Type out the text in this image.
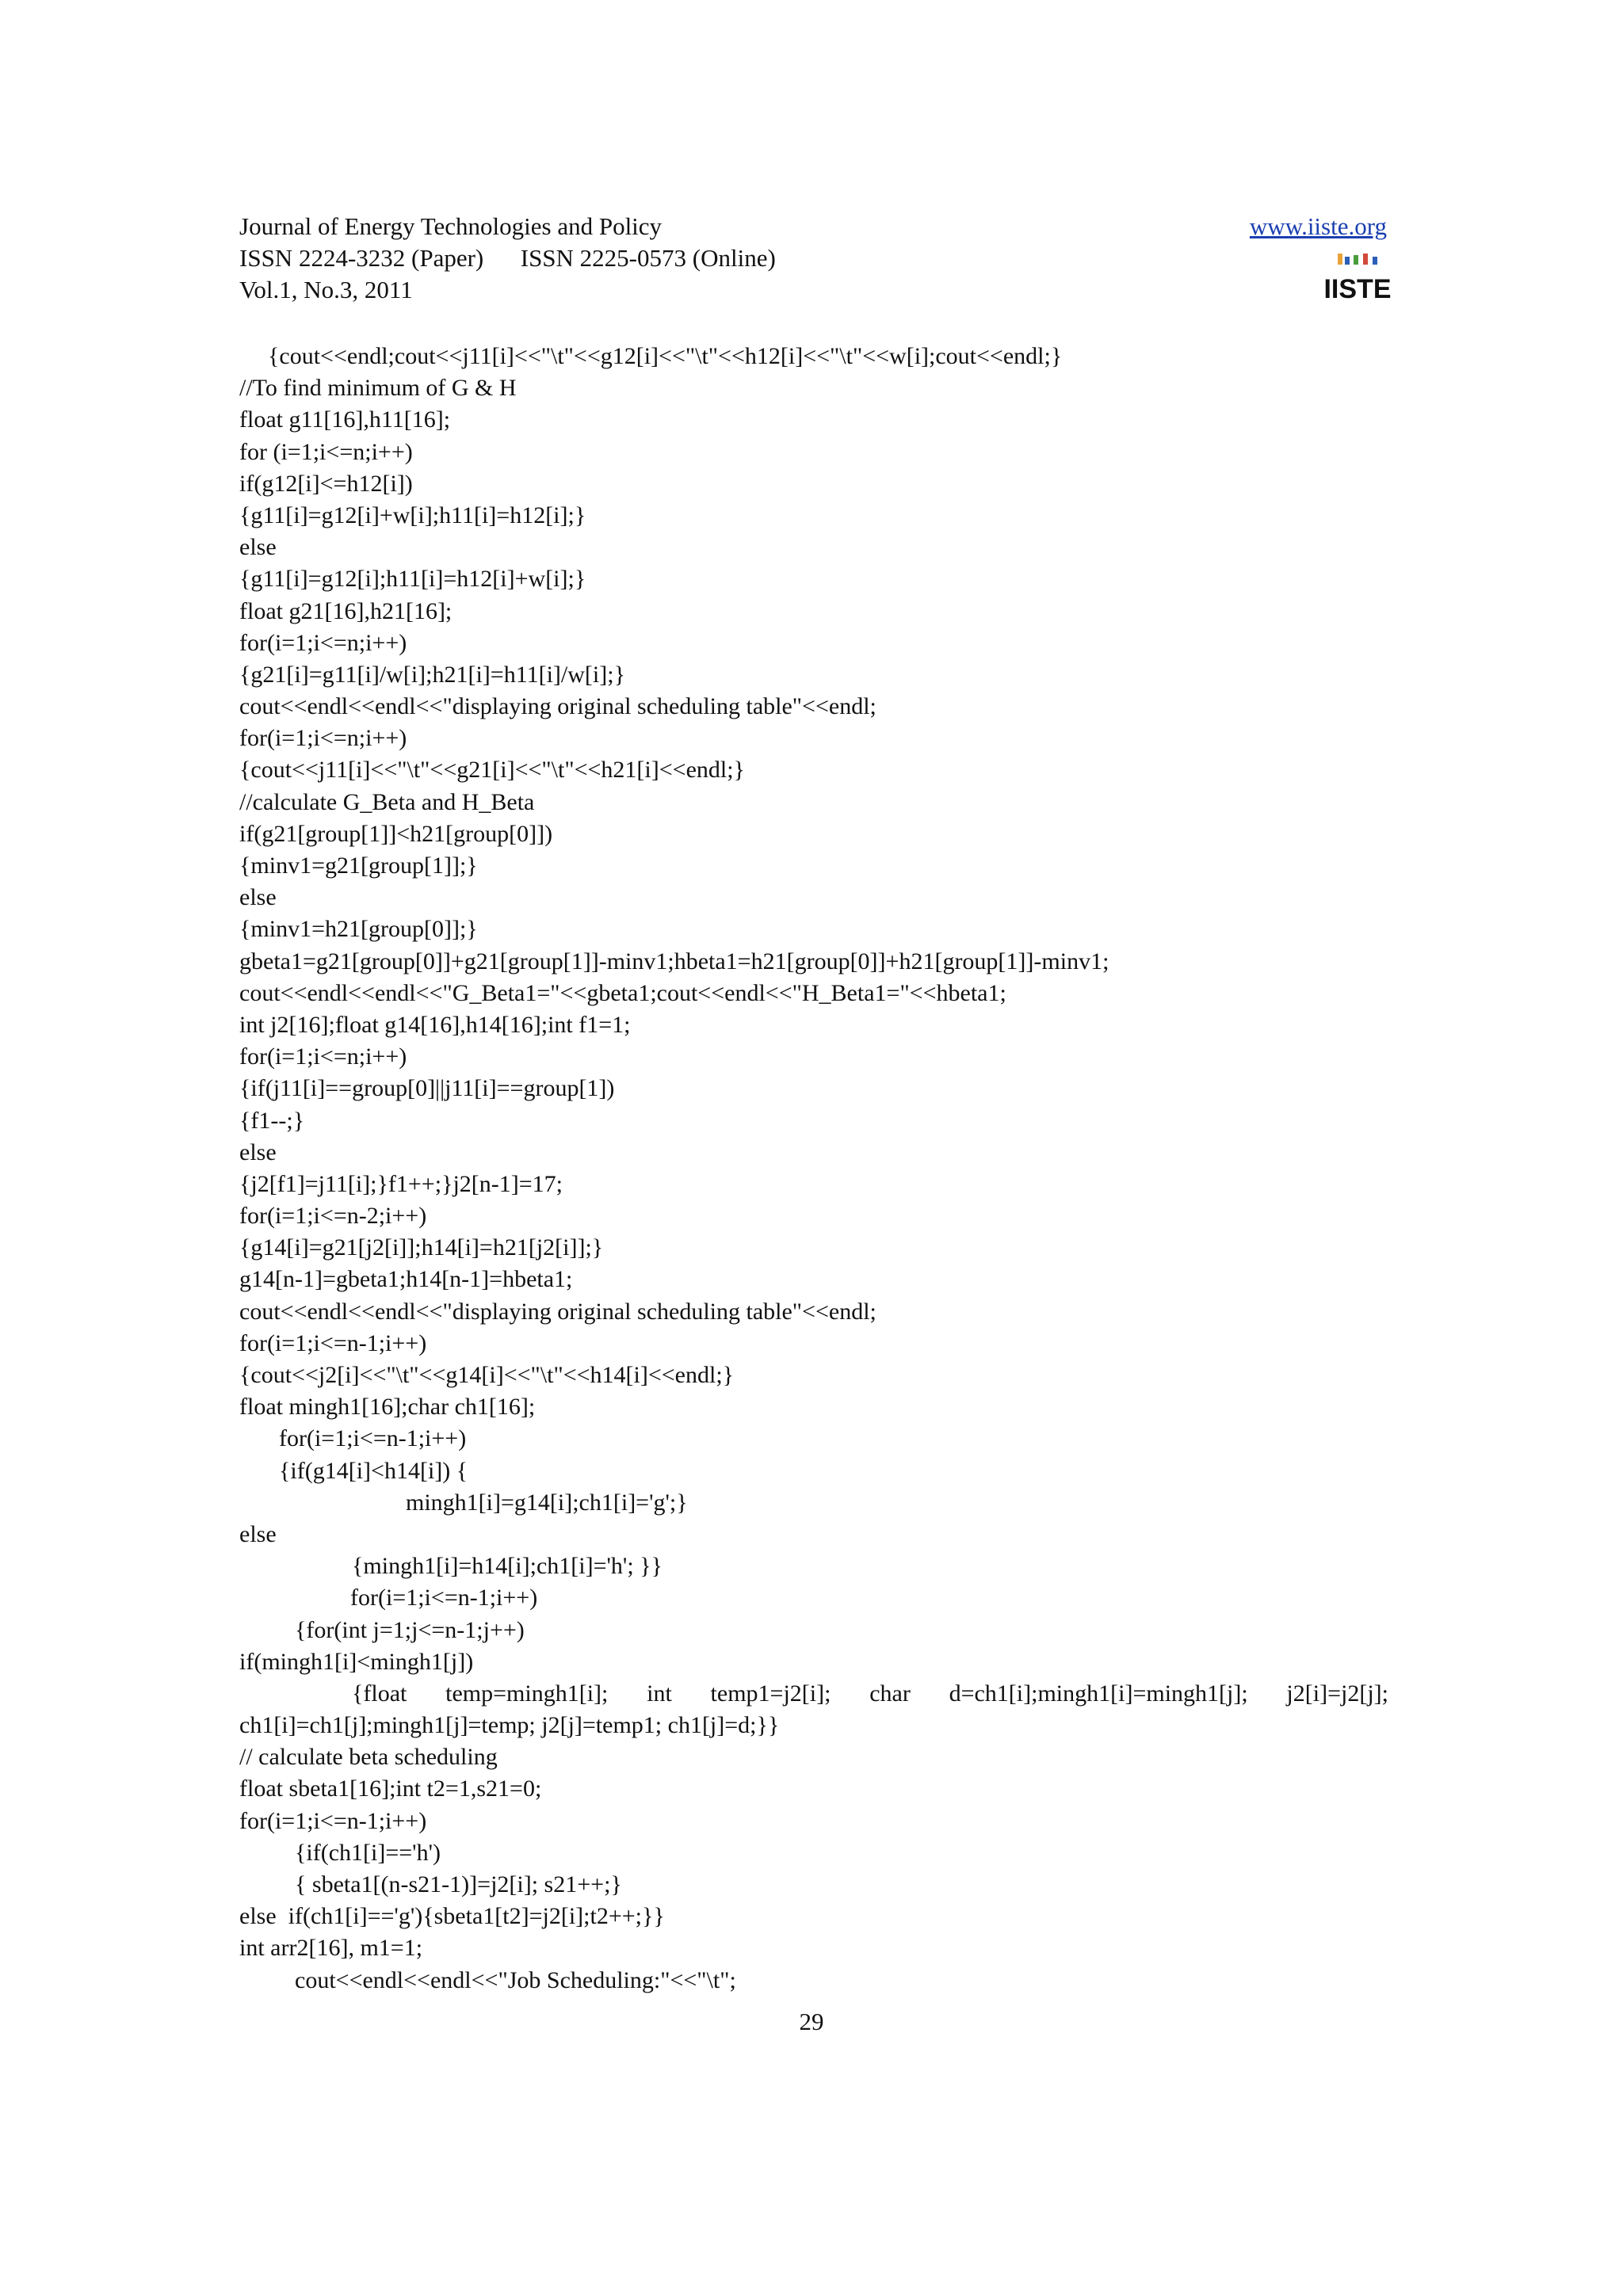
Journal of Energy Technologies and Policy
ISSN 2224-3232 (Paper)      ISSN 2225-0573 (Online)
Vol.1, No.3, 2011
www.iiste.org
IISTE
{cout<<endl;cout<<j11[i]<<"\t"<<g12[i]<<"\t"<<h12[i]<<"\t"<<w[i];cout<<endl;}
//To find minimum of G & H
float g11[16],h11[16];
for (i=1;i<=n;i++)
if(g12[i]<=h12[i])
{g11[i]=g12[i]+w[i];h11[i]=h12[i];}
else
{g11[i]=g12[i];h11[i]=h12[i]+w[i];}
float g21[16],h21[16];
for(i=1;i<=n;i++)
{g21[i]=g11[i]/w[i];h21[i]=h11[i]/w[i];}
cout<<endl<<endl<<"displaying original scheduling table"<<endl;
for(i=1;i<=n;i++)
{cout<<j11[i]<<"\t"<<g21[i]<<"\t"<<h21[i]<<endl;}
//calculate G_Beta and H_Beta
if(g21[group[1]]<h21[group[0]])
{minv1=g21[group[1]];}
else
{minv1=h21[group[0]];}
gbeta1=g21[group[0]]+g21[group[1]]-minv1;hbeta1=h21[group[0]]+h21[group[1]]-minv1;
cout<<endl<<endl<<"G_Beta1="<<gbeta1;cout<<endl<<"H_Beta1="<<hbeta1;
int j2[16];float g14[16],h14[16];int f1=1;
for(i=1;i<=n;i++)
{if(j11[i]==group[0]||j11[i]==group[1])
{f1--;}
else
{j2[f1]=j11[i];}f1++;}j2[n-1]=17;
for(i=1;i<=n-2;i++)
{g14[i]=g21[j2[i]];h14[i]=h21[j2[i]];}
g14[n-1]=gbeta1;h14[n-1]=hbeta1;
cout<<endl<<endl<<"displaying original scheduling table"<<endl;
for(i=1;i<=n-1;i++)
{cout<<j2[i]<<"\t"<<g14[i]<<"\t"<<h14[i]<<endl;}
float mingh1[16];char ch1[16];
for(i=1;i<=n-1;i++)
{if(g14[i]<h14[i]) {
mingh1[i]=g14[i];ch1[i]='g';}
else
{mingh1[i]=h14[i];ch1[i]='h'; }}
for(i=1;i<=n-1;i++)
{for(int j=1;j<=n-1;j++)
if(mingh1[i]<mingh1[j])
{float temp=mingh1[i]; int temp1=j2[i]; char d=ch1[i];mingh1[i]=mingh1[j]; j2[i]=j2[j];
ch1[i]=ch1[j];mingh1[j]=temp; j2[j]=temp1; ch1[j]=d;}}
// calculate beta scheduling
float sbeta1[16];int t2=1,s21=0;
for(i=1;i<=n-1;i++)
{if(ch1[i]=='h')
{ sbeta1[(n-s21-1)]=j2[i]; s21++;}
else  if(ch1[i]=='g'){sbeta1[t2]=j2[i];t2++;}}
int arr2[16], m1=1;
cout<<endl<<endl<<"Job Scheduling:"<<"\t";
29
